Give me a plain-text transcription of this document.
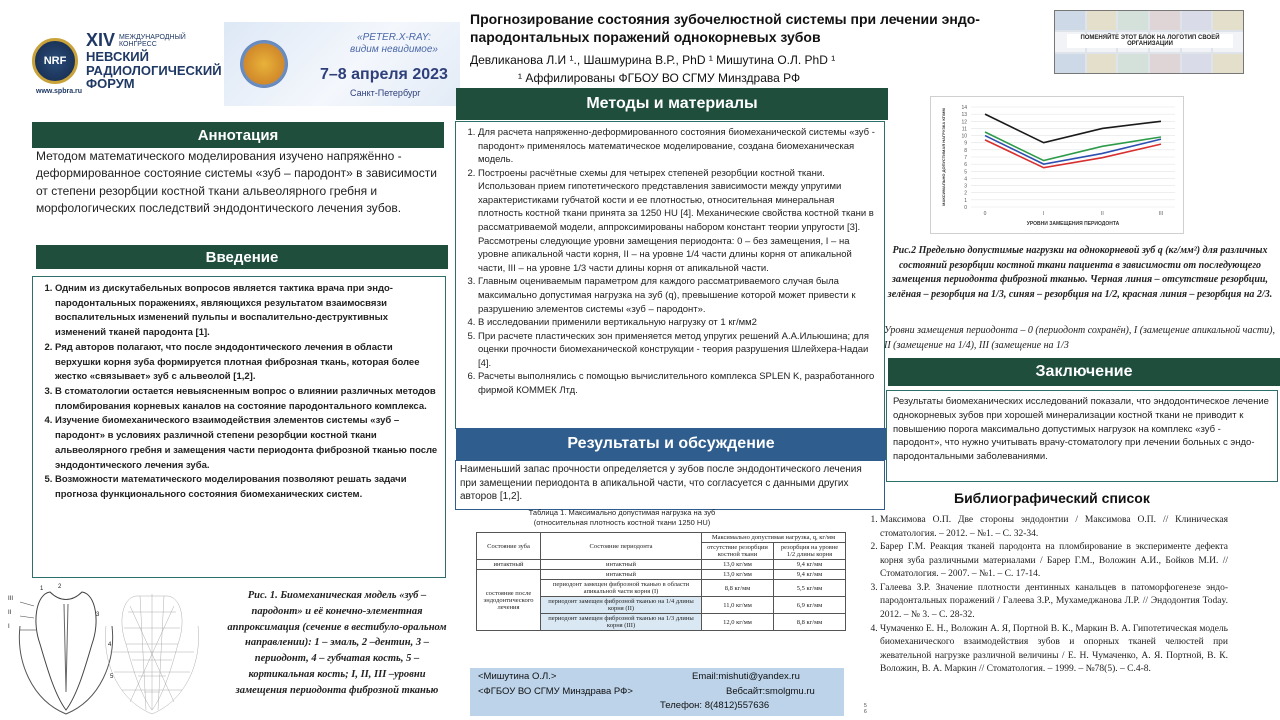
NRF
XIV МЕЖДУНАРОДНЫЙ
КОНГРЕСС
НЕВСКИЙ
РАДИОЛОГИЧЕСКИЙ
ФОРУМ
www.spbra.ru
«PETER.X-RAY:
видим невидимое»
7–8 апреля 2023
Санкт-Петербург
Прогнозирование состояния зубочелюстной системы при лечении эндо-пародонтальных поражений однокорневых зубов
Девликанова Л.И ¹., Шашмурина В.Р., PhD ¹ Мишутина О.Л. PhD ¹
¹ Аффилированы ФГБОУ ВО СГМУ Минздрава РФ
ПОМЕНЯЙТЕ ЭТОТ БЛОК НА ЛОГОТИП СВОЕЙ ОРГАНИЗАЦИИ
Аннотация
Методом математического моделирования изучено напряжённо - деформированное состояние системы «зуб – пародонт» в зависимости от степени резорбции костной ткани альвеолярного гребня и морфологических последствий эндодонтического лечения зубов.
Введение
1. Одним из дискутабельных вопросов является тактика врача при эндо-пародонтальных поражениях, являющихся результатом взаимосвязи воспалительных изменений пульпы и воспалительно-деструктивных изменений тканей пародонта [1].
2. Ряд авторов полагают, что после эндодонтического лечения в области верхушки корня зуба формируется плотная фиброзная ткань, которая более жестко «связывает» зуб с альвеолой [1,2].
3. В стоматологии остается невыясненным вопрос о влиянии различных методов пломбирования корневых каналов на состояние пародонтального комплекса.
4. Изучение биомеханического взаимодействия элементов системы «зуб – пародонт» в условиях различной степени резорбции костной ткани альвеолярного гребня и замещения части периодонта фиброзной тканью после эндодонтического лечения зуба.
5. Возможности математического моделирования позволяют решать задачи прогноза функционального состояния биомеханических систем.
III
II
I
1 2
3
4
5
Рис. 1. Биомеханическая модель «зуб – пародонт» и её конечно-элементная аппроксимация (сечение в вестибуло-оральном направлении): 1 – эмаль, 2 –дентин, 3 – периодонт, 4 – губчатая кость, 5 – кортикальная кость; I, II, III –уровни замещения периодонта фиброзной тканью
Методы и материалы
1. Для расчета напряженно-деформированного состояния биомеханической системы «зуб - пародонт» применялось математическое моделирование, создана биомеханическая модель.
2. Построены расчётные схемы для четырех степеней резорбции костной ткани. Использован прием гипотетического представления зависимости между упругими характеристиками губчатой кости и ее плотностью, относительная минеральная плотность костной ткани принята за 1250 HU [4]. Механические свойства костной ткани в рассматриваемой модели, аппроксимированы набором констант теории упругости [3]. Рассмотрены следующие уровни замещения периодонта: 0 – без замещения, I – на уровне апикальной части корня, II – на уровне 1/4 части длины корня от апикальной части, III – на уровне 1/3 части длины корня от апикальной части.
3. Главным оцениваемым параметром для каждого рассматриваемого случая была максимально допустимая нагрузка на зуб (q), превышение которой может привести к разрушению элементов системы «зуб – пародонт».
4. В исследовании применили вертикальную нагрузку от 1 кг/мм2
5. При расчете пластических зон применяется метод упругих решений А.А.Ильюшина; для оценки прочности биомеханической конструкции - теория разрушения Шлейхера-Надаи [4].
6. Расчеты выполнялись с помощью вычислительного комплекса SPLEN K, разработанного фирмой КОММЕК Лтд.
Результаты и обсуждение
Наименьший запас прочности определяется у зубов после эндодонтического лечения при замещении периодонта в апикальной части, что согласуется с данными других авторов [1,2].
Таблица 1. Максимально допустимая нагрузка на зуб
(относительная плотность костной ткани 1250 HU)
Состояние зуба	Состояние периодонта	Максимально допустимая нагрузка, q, кг/мм	
		отсутствие резорбции костной ткани	резорбция на уровне 1/2 длины корня
интактный	интактный	13,0 кг/мм	9,4 кг/мм
состояние после эндодонтического лечения	интактный	13,0 кг/мм	9,4 кг/мм
	периодонт замещен фиброзной тканью в области апикальной части корня (I)	8,8 кг/мм	5,5 кг/мм
	периодонт замещен фиброзной тканью на 1/4 длины корня (II)	11,0 кг/мм	6,9 кг/мм
	периодонт замещен фиброзной тканью на 1/3 длины корня (III)	12,0 кг/мм	8,8 кг/мм
<Мишутина О.Л.>	Email:mishuti@yandex.ru
<ФГБОУ ВО СГМУ Минздрава РФ>	Вебсайт:smolgmu.ru
Телефон: 8(4812)557636
0
1
2
3
4
5
6
7
8
9
10
11
12
13
14
0	I	II	III
УРОВНИ ЗАМЕЩЕНИЯ ПЕРИОДОНТА
МАКСИМАЛЬНО ДОПУСТИМАЯ НАГРУЗКА КГ/ММ
Рис.2 Предельно допустимые нагрузки на однокорневой зуб q (кг/мм²) для различных состояний резорбции костной ткани пациента в зависимости от последующего замещения периодонта фиброзной тканью. Черная линия – отсутствие резорбции, зелёная – резорбция на 1/3, синяя – резорбция на 1/2, красная линия – резорбция на 2/3.
Уровни замещения периодонта – 0 (периодонт сохранён), I (замещение апикальной части), II (замещение на 1/4), III (замещение на 1/3
Заключение
Результаты биомеханических исследований показали, что эндодонтическое лечение однокорневых зубов при хорошей минерализации костной ткани не приводит к повышению порога максимально допустимых нагрузок на комплекс «зуб - пародонт», что нужно учитывать врачу-стоматологу при лечении больных с эндо-пародонтальными заболеваниями.
Библиографический список
1. Максимова О.П. Две стороны эндодонтии / Максимова О.П. // Клиническая стоматология. – 2012. – №1. – С. 32-34.
2. Барер Г.М. Реакция тканей пародонта на пломбирование в эксперименте дефекта корня зуба различными материалами / Барер Г.М., Воложин А.И., Бойков М.И. // Стоматология. – 2007. – №1. – С. 17-14.
3. Галеева З.Р. Значение плотности дентинных канальцев в патоморфогенезе эндо- пародонтальных поражений / Галеева З.Р., Мухамеджанова Л.Р. // Эндодонтия Today. 2012. – № 3. – С. 28-32.
4. Чумаченко Е. Н., Воложин А. Я, Портной В. К., Маркин В. А. Гипотетическая модель биомеханического взаимодействия зубов и опорных тканей челюстей при жевательной нагрузке различной величины / Е. Н. Чумаченко, А. Я. Портной, В. К. Воложин, В. А. Маркин // Стоматология. – 1999. – №78(5). – С.4-8.
5
6
